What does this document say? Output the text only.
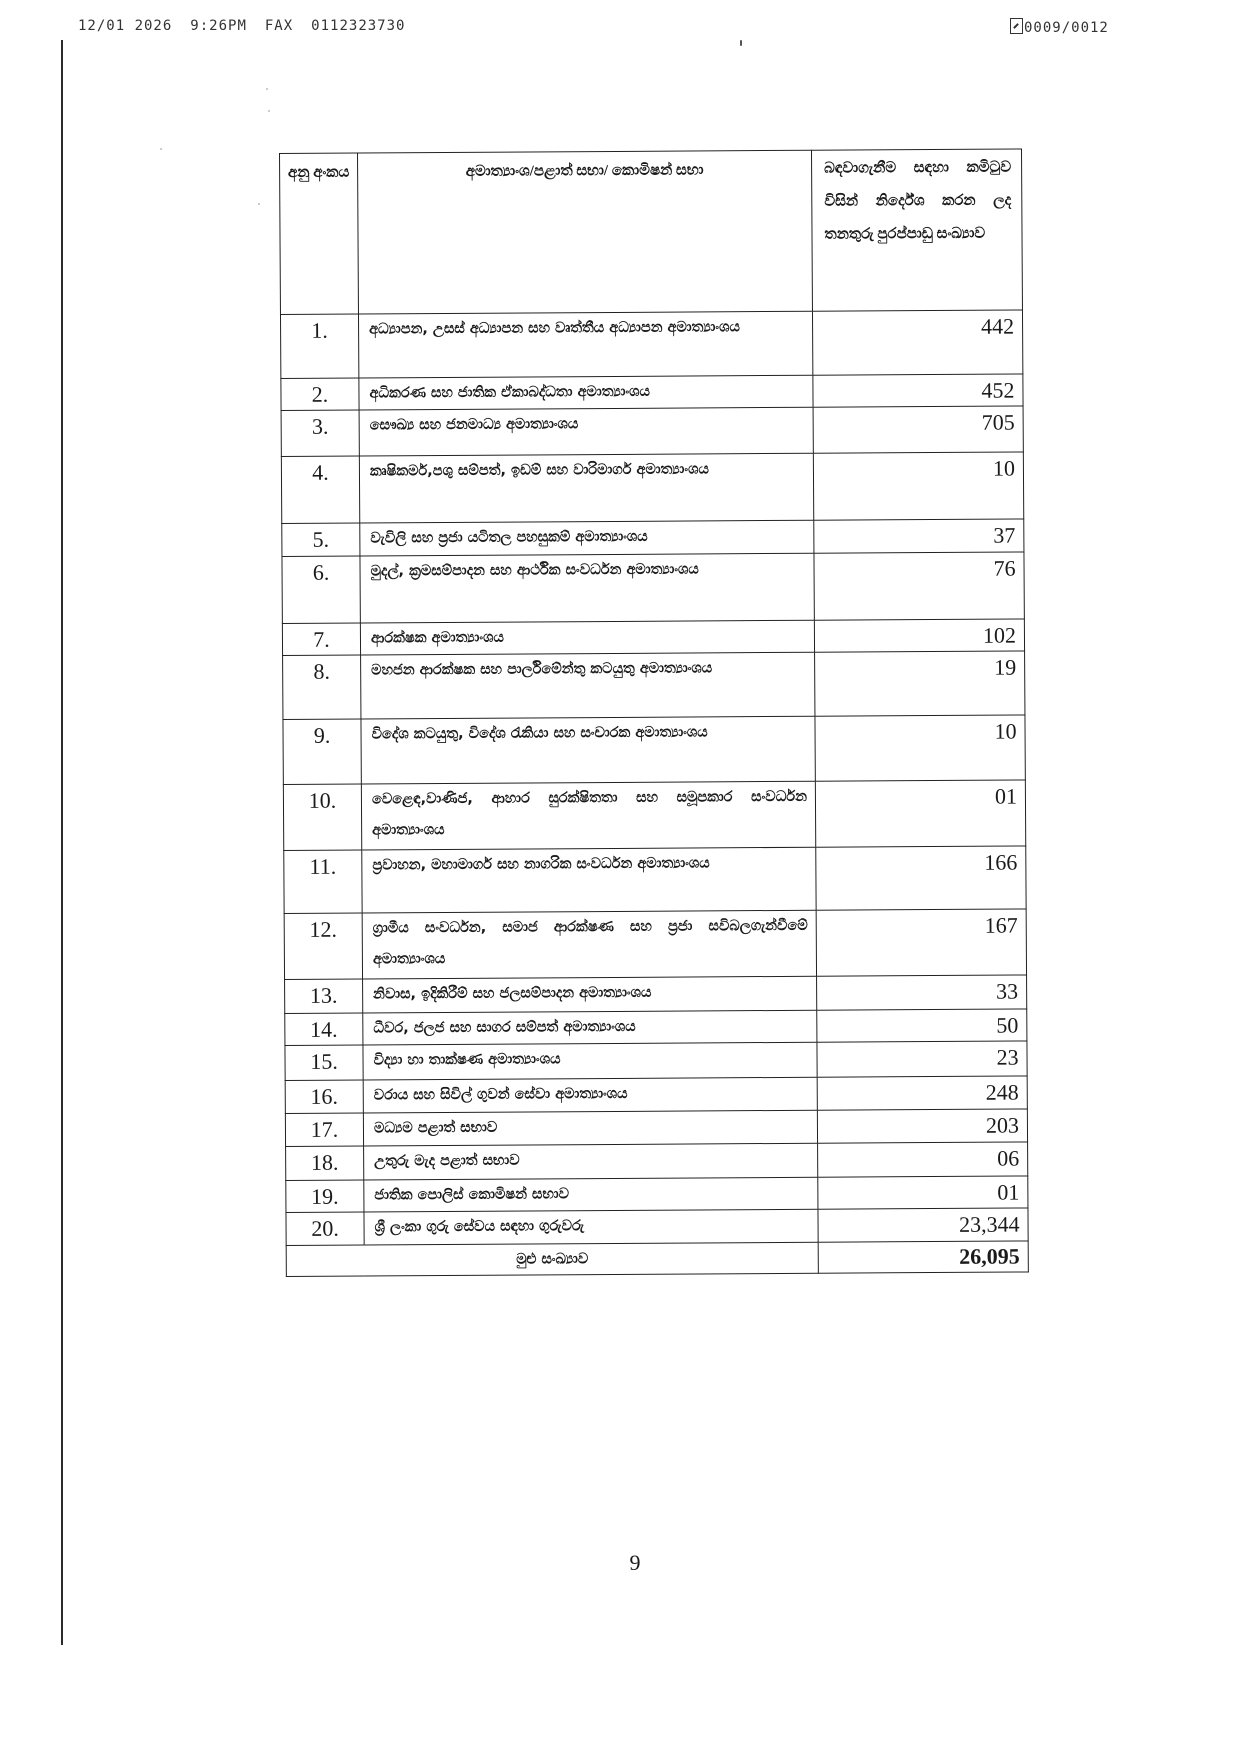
12/01 2026 9:26PM FAX 0112323730	0009/0012
අනු අංකය	අමාත්‍යාංශ/පළාත් සභා/ කොමිෂන් සභා	බඳවාගැනීම සඳහා කමිටුව විසින් නිර්දේශ කරන ලද තනතුරු පුරප්පාඩු සංඛ්‍යාව
1.	අධ්‍යාපන, උසස් අධ්‍යාපන සහ වෘත්තීය අධ්‍යාපන අමාත්‍යාංශය	442
2.	අධිකරණ සහ ජාතික ඒකාබද්ධතා අමාත්‍යාංශය	452
3.	සෞඛ්‍ය සහ ජනමාධ්‍ය අමාත්‍යාංශය	705
4.	කෘෂිකර්ම,පශු සම්පත්, ඉඩම් සහ වාරිමාර්ග අමාත්‍යාංශය	10
5.	වැවිලි සහ ප්‍රජා යටිතල පහසුකම් අමාත්‍යාංශය	37
6.	මුදල්, ක්‍රමසම්පාදන සහ ආර්ථික සංවර්ධන අමාත්‍යාංශය	76
7.	ආරක්ෂක අමාත්‍යාංශය	102
8.	මහජන ආරක්ෂක සහ පාර්ලිමේන්තු කටයුතු අමාත්‍යාංශය	19
9.	විදේශ කටයුතු, විදේශ රැකියා සහ සංචාරක අමාත්‍යාංශය	10
10.	වෙළෙඳ,වාණිජ, ආහාර සුරක්ෂිතතා සහ සමූපකාර සංවර්ධන අමාත්‍යාංශය	01
11.	ප්‍රවාහන, මහාමාර්ග සහ නාගරික සංවර්ධන අමාත්‍යාංශය	166
12.	ග්‍රාමීය සංවර්ධන, සමාජ ආරක්ෂණ සහ ප්‍රජා සවිබලගැන්වීමේ අමාත්‍යාංශය	167
13.	නිවාස, ඉදිකිරීම් සහ ජලසම්පාදන අමාත්‍යාංශය	33
14.	ධීවර, ජලජ සහ සාගර සම්පත් අමාත්‍යාංශය	50
15.	විද්‍යා හා තාක්ෂණ අමාත්‍යාංශය	23
16.	වරාය සහ සිවිල් ගුවන් සේවා අමාත්‍යාංශය	248
17.	මධ්‍යම පළාත් සභාව	203
18.	උතුරු මැද පළාත් සභාව	06
19.	ජාතික පොලිස් කොමිෂන් සභාව	01
20.	ශ්‍රී ලංකා ගුරු සේවය සඳහා ගුරුවරු	23,344
මුළු සංඛ්‍යාව		26,095
9
